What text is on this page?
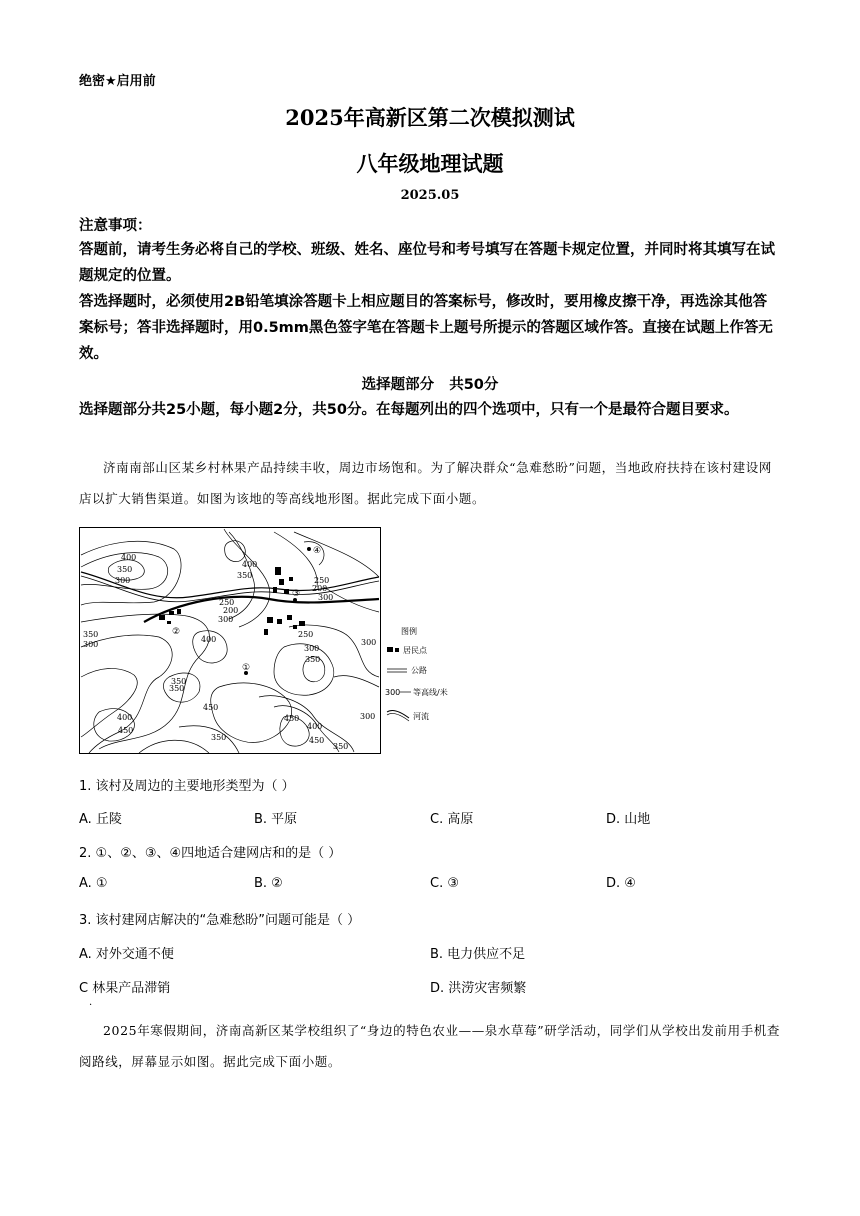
绝密★启用前
2025年高新区第二次模拟测试
八年级地理试题
2025.05
注意事项：
答题前，请考生务必将自己的学校、班级、姓名、座位号和考号填写在答题卡规定位置，并同时将其填写在试题规定的位置。
答选择题时，必须使用2B铅笔填涂答题卡上相应题目的答案标号，修改时，要用橡皮擦干净，再选涂其他答案标号；答非选择题时，用0.5mm黑色签字笔在答题卡上题号所提示的答题区域作答。直接在试题上作答无效。
选择题部分   共50分
选择题部分共25小题，每小题2分，共50分。在每题列出的四个选项中，只有一个是最符合题目要求。
济南南部山区某乡村林果产品持续丰收，周边市场饱和。为了解决群众“急难愁盼”问题，当地政府扶持在该村建设网店以扩大销售渠道。如图为该地的等高线地形图。据此完成下面小题。
400
350
300
350
300
250
200
300
250
200
300
250
300
350
300
350
400
400
350
350
450
400
450
350
450
400
450
350
300
①
②
③
④
图例
居民点
公路
300 等高线/米
河流
1. 该村及周边的主要地形类型为（ ）
A. 丘陵	B. 平原	C. 高原	D. 山地
2. ①、②、③、④四地适合建网店和的是（ ）
A. ①	B. ②	C. ③	D. ④
3. 该村建网店解决的“急难愁盼”问题可能是（ ）
A. 对外交通不便	B. 电力供应不足
C 林果产品滞销	D. 洪涝灾害频繁
.
2025年寒假期间，济南高新区某学校组织了“身边的特色农业——泉水草莓”研学活动，同学们从学校出发前用手机查阅路线，屏幕显示如图。据此完成下面小题。
